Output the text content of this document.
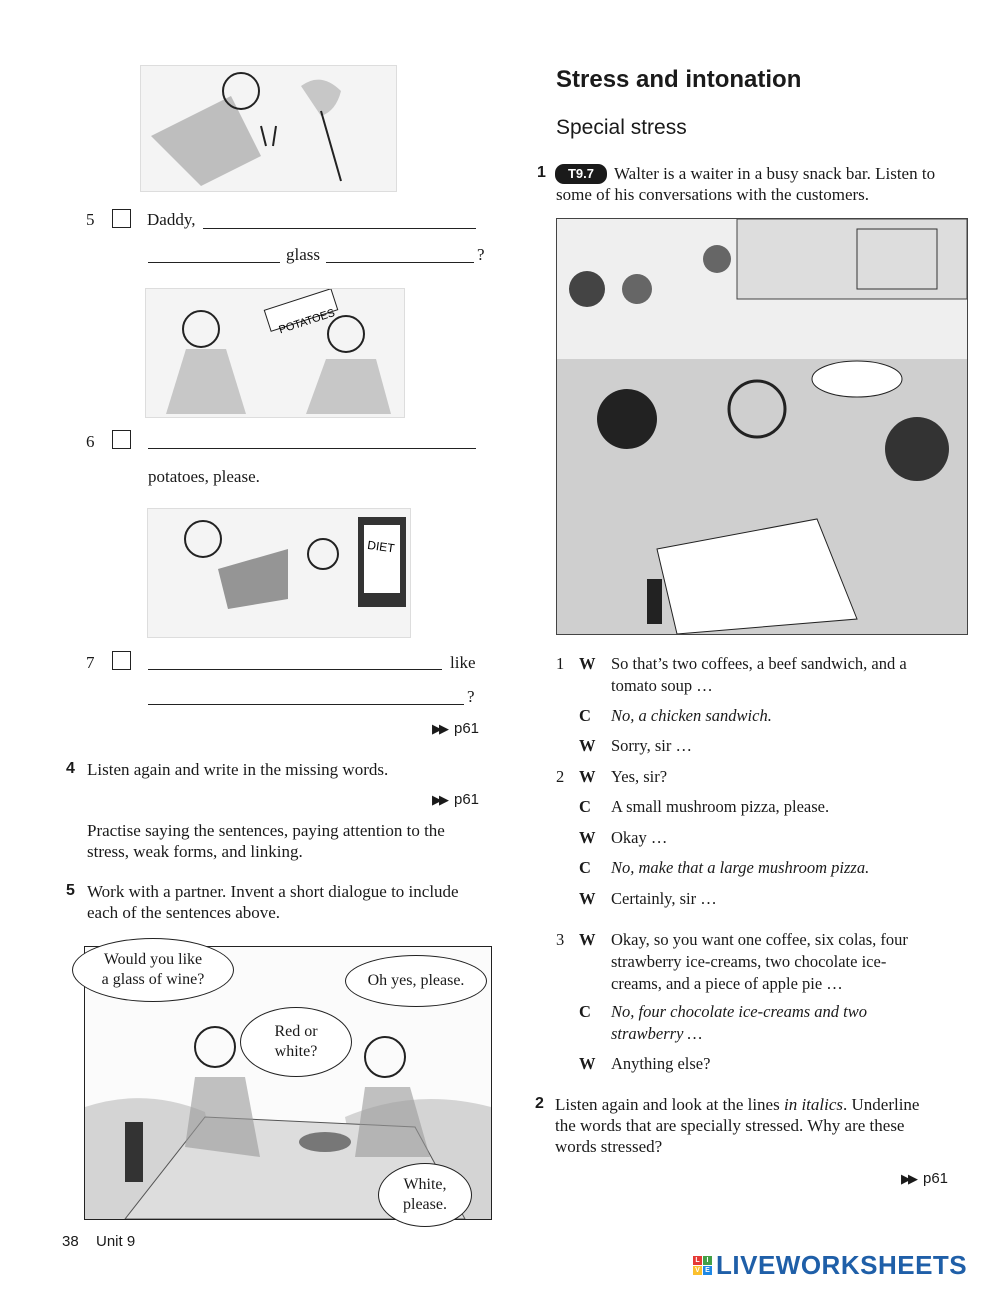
5	Daddy,
glass	?
POTATOES
6
potatoes, please.
DIET
7	like
?
▶▶ p61
4 Listen again and write in the missing words.
▶▶ p61
Practise saying the sentences, paying attention to the
stress, weak forms, and linking.
5 Work with a partner. Invent a short dialogue to include
each of the sentences above.
Would you like
a glass of wine?	Oh yes, please.
Red or
white?
White,
please.
38 Unit 9
Stress and intonation
Special stress
1	T9.7	Walter is a waiter in a busy snack bar. Listen to
some of his conversations with the customers.
1 W So that’s two coffees, a beef sandwich, and a tomato soup …
C No, a chicken sandwich.
W Sorry, sir …
2 W Yes, sir?
C A small mushroom pizza, please.
W Okay …
C No, make that a large mushroom pizza.
W Certainly, sir …
3 W Okay, so you want one coffee, six colas, four strawberry ice-creams, two chocolate ice-creams, and a piece of apple pie …
C No, four chocolate ice-creams and two strawberry …
W Anything else?
2 Listen again and look at the lines in italics. Underline
the words that are specially stressed. Why are these
words stressed?
▶▶ p61
L I
V E LIVEWORKSHEETS
